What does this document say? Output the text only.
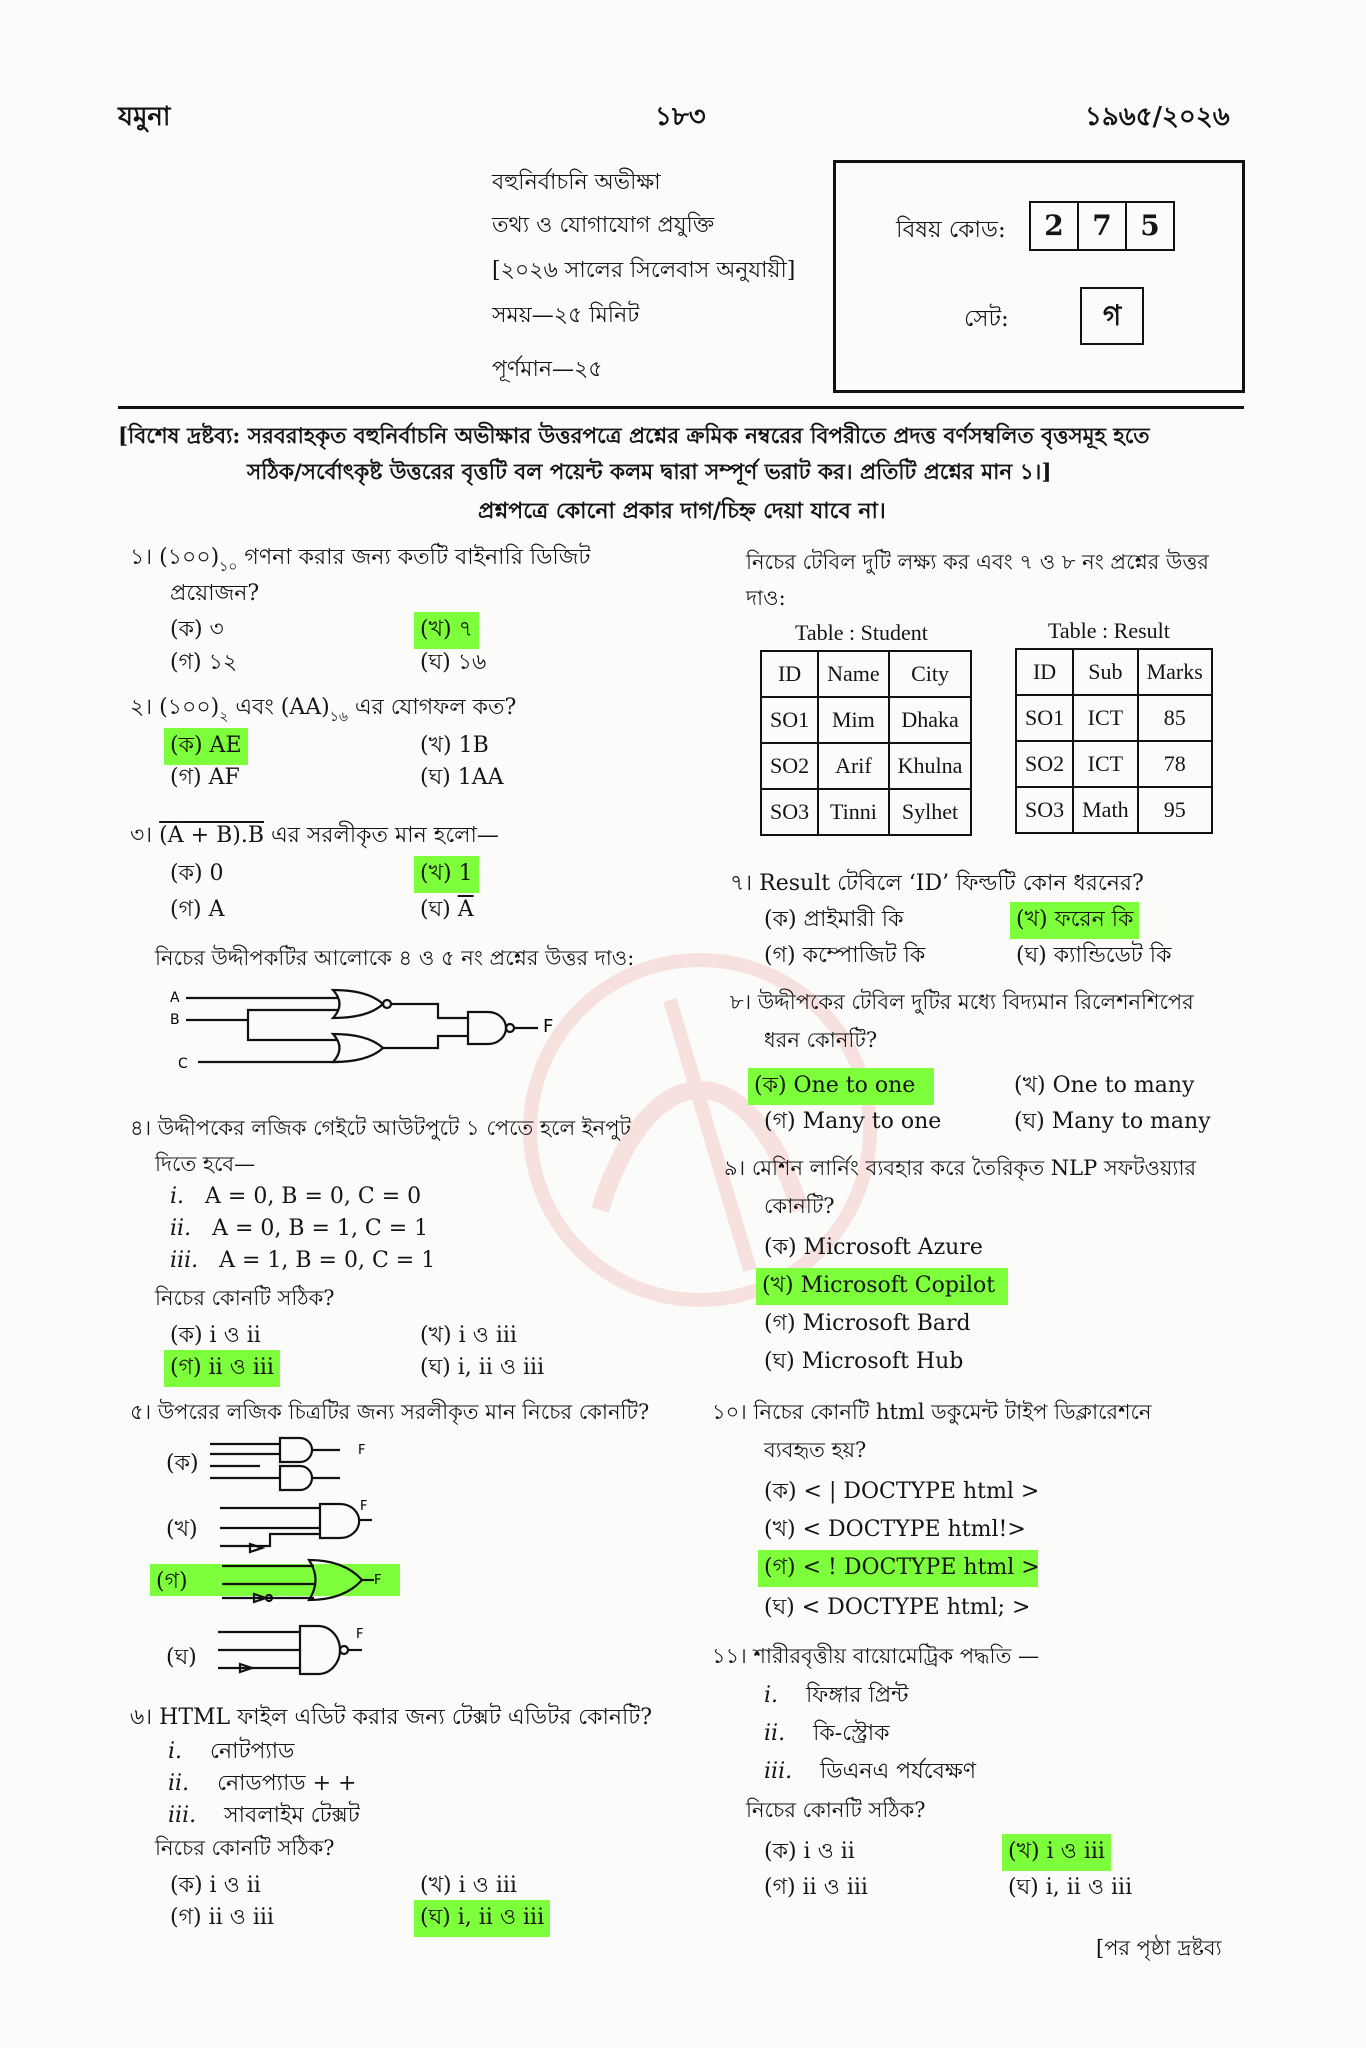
যমুনা	১৮৩	১৯৬৫/২০২৬
বহুনির্বাচনি অভীক্ষা
তথ্য ও যোগাযোগ প্রযুক্তি
[২০২৬ সালের সিলেবাস অনুযায়ী]
সময়—২৫ মিনিট
পূর্ণমান—২৫
বিষয় কোড:	2 7 5
সেট:	গ
[বিশেষ দ্রষ্টব্য: সরবরাহকৃত বহুনির্বাচনি অভীক্ষার উত্তরপত্রে প্রশ্নের ক্রমিক নম্বরের বিপরীতে প্রদত্ত বর্ণসম্বলিত বৃত্তসমূহ হতে
সঠিক/সর্বোৎকৃষ্ট উত্তরের বৃত্তটি বল পয়েন্ট কলম দ্বারা সম্পূর্ণ ভরাট কর। প্রতিটি প্রশ্নের মান ১।]
প্রশ্নপত্রে কোনো প্রকার দাগ/চিহ্ন দেয়া যাবে না।
১। $(১০০)_{১০}$ গণনা করার জন্য কতটি বাইনারি ডিজিট
প্রয়োজন?
(ক) ৩	(খ) ৭
(গ) ১২	(ঘ) ১৬
২। $(১০০)_২$ এবং $(AA)_{১৬}$ এর যোগফল কত?
(ক) AE	(খ) 1B
(গ) AF	(ঘ) 1AA
৩। (A + B).B এর সরলীকৃত মান হলো—
(ক) 0	(খ) 1
(গ) A	(ঘ) $\overline{A}$
নিচের উদ্দীপকটির আলোকে ৪ ও ৫ নং প্রশ্নের উত্তর দাও:
A
B
C
F
৪। উদ্দীপকের লজিক গেইটে আউটপুটে ১ পেতে হলে ইনপুট
দিতে হবে—
i. A = 0, B = 0, C = 0
ii. A = 0, B = 1, C = 1
iii. A = 1, B = 0, C = 1
নিচের কোনটি সঠিক?
(ক) i ও ii	(খ) i ও iii
(গ) ii ও iii	(ঘ) i, ii ও iii
৫। উপরের লজিক চিত্রটির জন্য সরলীকৃত মান নিচের কোনটি?
(ক)
F
(খ)
F
(গ)	F
(ঘ)
F
৬। HTML ফাইল এডিট করার জন্য টেক্সট এডিটর কোনটি?
i. নোটপ্যাড
ii. নোডপ্যাড + +
iii. সাবলাইম টেক্সট
নিচের কোনটি সঠিক?
(ক) i ও ii	(খ) i ও iii
(গ) ii ও iii	(ঘ) i, ii ও iii
নিচের টেবিল দুটি লক্ষ্য কর এবং ৭ ও ৮ নং প্রশ্নের উত্তর
দাও:
Table : Student
ID	Name	City
SO1	Mim	Dhaka
SO2	Arif	Khulna
SO3	Tinni	Sylhet
Table : Result
ID	Sub	Marks
SO1	ICT	85
SO2	ICT	78
SO3	Math	95
৭। Result টেবিলে ‘ID’ ফিল্ডটি কোন ধরনের?
(ক) প্রাইমারী কি	(খ) ফরেন কি
(গ) কম্পোজিট কি	(ঘ) ক্যান্ডিডেট কি
৮। উদ্দীপকের টেবিল দুটির মধ্যে বিদ্যমান রিলেশনশিপের
ধরন কোনটি?
(ক) One to one	(খ) One to many
(গ) Many to one	(ঘ) Many to many
৯। মেশিন লার্নিং ব্যবহার করে তৈরিকৃত NLP সফটওয়্যার
কোনটি?
(ক) Microsoft Azure
(খ) Microsoft Copilot
(গ) Microsoft Bard
(ঘ) Microsoft Hub
১০। নিচের কোনটি html ডকুমেন্ট টাইপ ডিক্লারেশনে
ব্যবহৃত হয়?
(ক) < | DOCTYPE html >
(খ) < DOCTYPE html!>
(গ) < ! DOCTYPE html >
(ঘ) < DOCTYPE html; >
১১। শারীরবৃত্তীয় বায়োমেট্রিক পদ্ধতি —
i. ফিঙ্গার প্রিন্ট
ii. কি-স্ট্রোক
iii. ডিএনএ পর্যবেক্ষণ
নিচের কোনটি সঠিক?
(ক) i ও ii	(খ) i ও iii
(গ) ii ও iii	(ঘ) i, ii ও iii
[পর পৃষ্ঠা দ্রষ্টব্য
